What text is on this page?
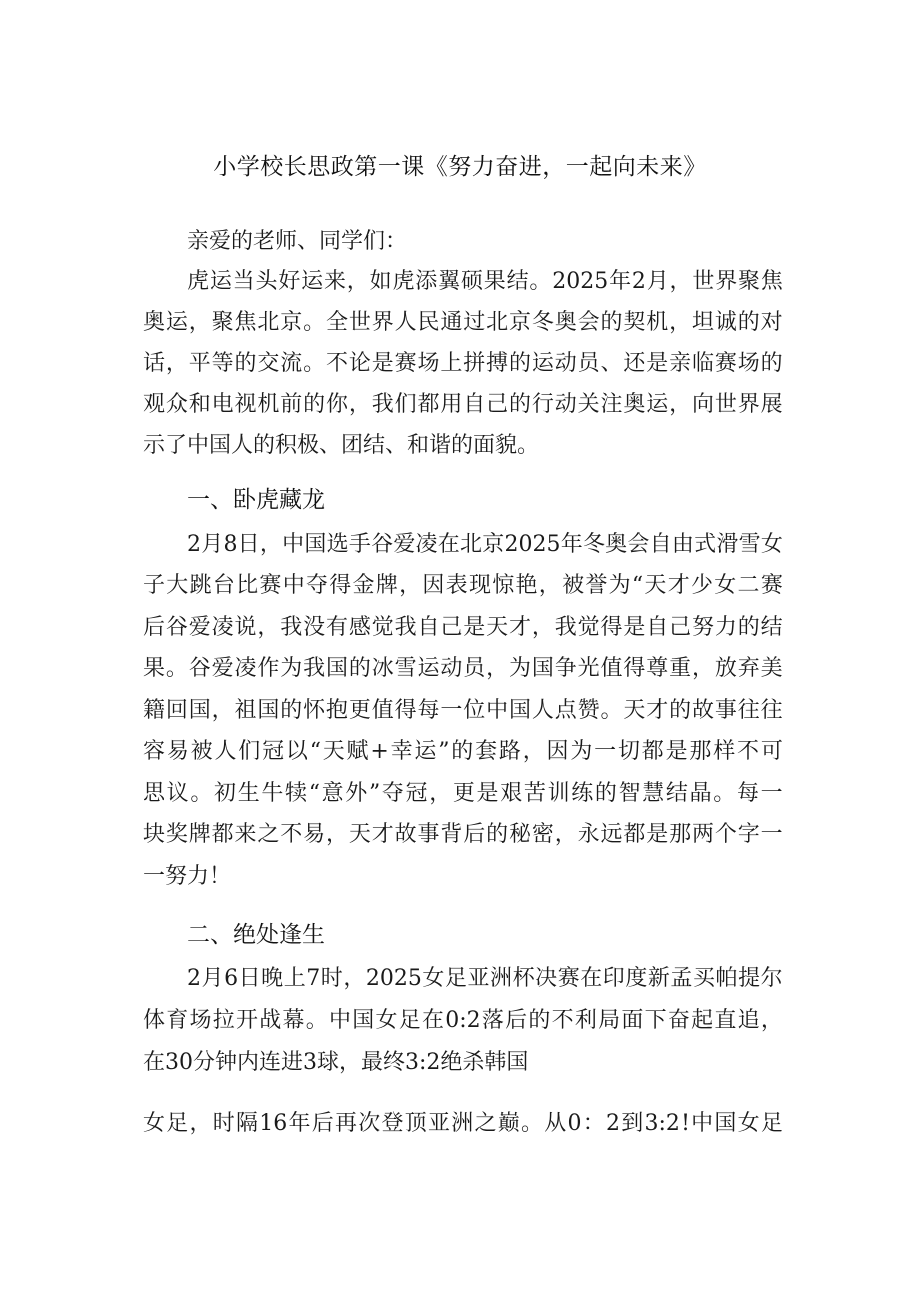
小学校长思政第一课《努力奋进，一起向未来》
亲爱的老师、同学们：
虎 运 当 头 好 运 来 ， 如 虎 添 翼 硕 果 结 。 2025 年 2 月 ， 世 界 聚 焦
奥 运 ， 聚 焦 北 京 。 全 世 界 人 民 通 过 北 京 冬 奥 会 的 契 机 ， 坦 诚 的 对
话 ， 平 等 的 交 流 。 不 论 是 赛 场 上 拼 搏 的 运 动 员 、 还 是 亲 临 赛 场 的
观 众 和 电 视 机 前 的 你 ， 我 们 都 用 自 己 的 行 动 关 注 奥 运 ， 向 世 界 展
示了中国人的积极、团结、和谐的面貌。
一、卧虎藏龙
2 月 8 日 ， 中 国 选 手 谷 爱 凌 在 北 京 2025 年 冬 奥 会 自 由 式 滑 雪 女
子 大 跳 台 比 赛 中 夺 得 金 牌 ， 因 表 现 惊 艳 ， 被 誉 为 “ 天 才 少 女 二 赛
后 谷 爱 凌 说 ， 我 没 有 感 觉 我 自 己 是 天 才 ， 我 觉 得 是 自 己 努 力 的 结
果 。 谷 爱 凌 作 为 我 国 的 冰 雪 运 动 员 ， 为 国 争 光 值 得 尊 重 ， 放 弃 美
籍 回 国 ， 祖 国 的 怀 抱 更 值 得 每 一 位 中 国 人 点 赞 。 天 才 的 故 事 往 往
容 易 被 人 们 冠 以 “ 天 赋 + 幸 运 ” 的 套 路 ， 因 为 一 切 都 是 那 样 不 可
思 议 。 初 生 牛 犊 “ 意 外 ” 夺 冠 ， 更 是 艰 苦 训 练 的 智 慧 结 晶 。 每 一
块 奖 牌 都 来 之 不 易 ， 天 才 故 事 背 后 的 秘 密 ， 永 远 都 是 那 两 个 字 一
一努力！
二、绝处逢生
2 月 6 日 晚 上 7 时 ， 2025 女 足 亚 洲 杯 决 赛 在 印 度 新 孟 买 帕 提 尔
体 育 场 拉 开 战 幕 。 中 国 女 足 在 0:2 落 后 的 不 利 局 面 下 奋 起 直 追 ，
在30分钟内连进3球，最终3:2绝杀韩国
女 足 ， 时 隔 16 年 后 再 次 登 顶 亚 洲 之 巅 。 从 0 ： 2 到 3:2 ! 中 国 女 足
